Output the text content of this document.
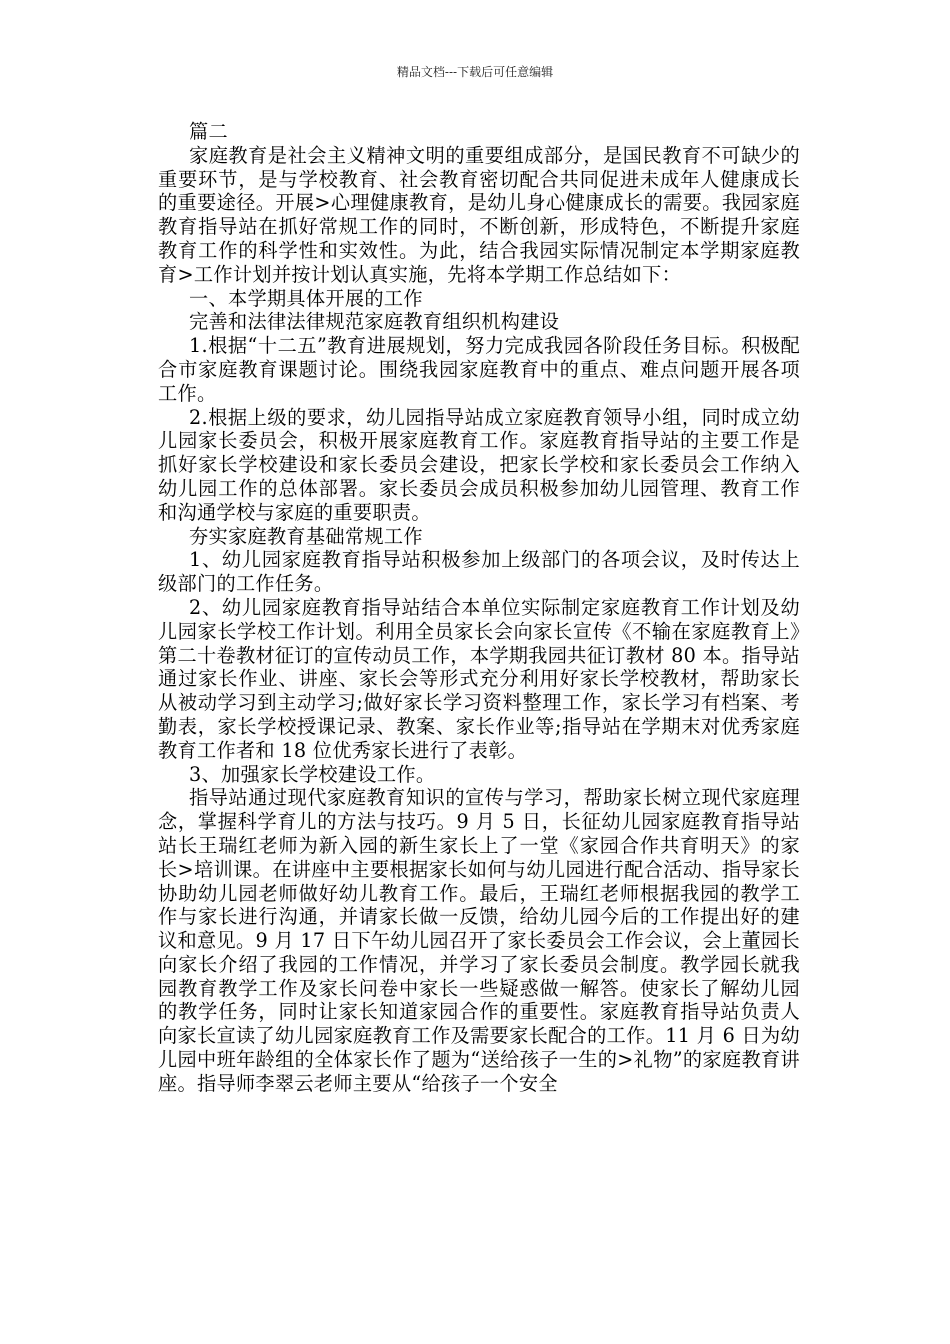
精品文档---下载后可任意编辑

篇二

家庭教育是社会主义精神文明的重要组成部分，是国民教育不可缺少的重要环节，是与学校教育、社会教育密切配合共同促进未成年人健康成长的重要途径。开展>心理健康教育，是幼儿身心健康成长的需要。我园家庭教育指导站在抓好常规工作的同时，不断创新，形成特色，不断提升家庭教育工作的科学性和实效性。为此，结合我园实际情况制定本学期家庭教育>工作计划并按计划认真实施，先将本学期工作总结如下：

一、本学期具体开展的工作

完善和法律法律规范家庭教育组织机构建设

1.根据“十二五”教育进展规划，努力完成我园各阶段任务目标。积极配合市家庭教育课题讨论。围绕我园家庭教育中的重点、难点问题开展各项工作。

2.根据上级的要求，幼儿园指导站成立家庭教育领导小组，同时成立幼儿园家长委员会，积极开展家庭教育工作。家庭教育指导站的主要工作是抓好家长学校建设和家长委员会建设，把家长学校和家长委员会工作纳入幼儿园工作的总体部署。家长委员会成员积极参加幼儿园管理、教育工作和沟通学校与家庭的重要职责。

夯实家庭教育基础常规工作

1、幼儿园家庭教育指导站积极参加上级部门的各项会议，及时传达上级部门的工作任务。

2、幼儿园家庭教育指导站结合本单位实际制定家庭教育工作计划及幼儿园家长学校工作计划。利用全员家长会向家长宣传《不输在家庭教育上》第二十卷教材征订的宣传动员工作，本学期我园共征订教材 80 本。指导站通过家长作业、讲座、家长会等形式充分利用好家长学校教材，帮助家长从被动学习到主动学习;做好家长学习资料整理工作，家长学习有档案、考勤表，家长学校授课记录、教案、家长作业等;指导站在学期末对优秀家庭教育工作者和 18 位优秀家长进行了表彰。

3、加强家长学校建设工作。

指导站通过现代家庭教育知识的宣传与学习，帮助家长树立现代家庭理念，掌握科学育儿的方法与技巧。9 月 5 日，长征幼儿园家庭教育指导站站长王瑞红老师为新入园的新生家长上了一堂《家园合作共育明天》的家长>培训课。在讲座中主要根据家长如何与幼儿园进行配合活动、指导家长协助幼儿园老师做好幼儿教育工作。最后，王瑞红老师根据我园的教学工作与家长进行沟通，并请家长做一反馈，给幼儿园今后的工作提出好的建议和意见。9 月 17 日下午幼儿园召开了家长委员会工作会议，会上董园长向家长介绍了我园的工作情况，并学习了家长委员会制度。教学园长就我园教育教学工作及家长问卷中家长一些疑惑做一解答。使家长了解幼儿园的教学任务，同时让家长知道家园合作的重要性。家庭教育指导站负责人向家长宣读了幼儿园家庭教育工作及需要家长配合的工作。11 月 6 日为幼儿园中班年龄组的全体家长作了题为“送给孩子一生的>礼物”的家庭教育讲座。指导师李翠云老师主要从“给孩子一个安全
